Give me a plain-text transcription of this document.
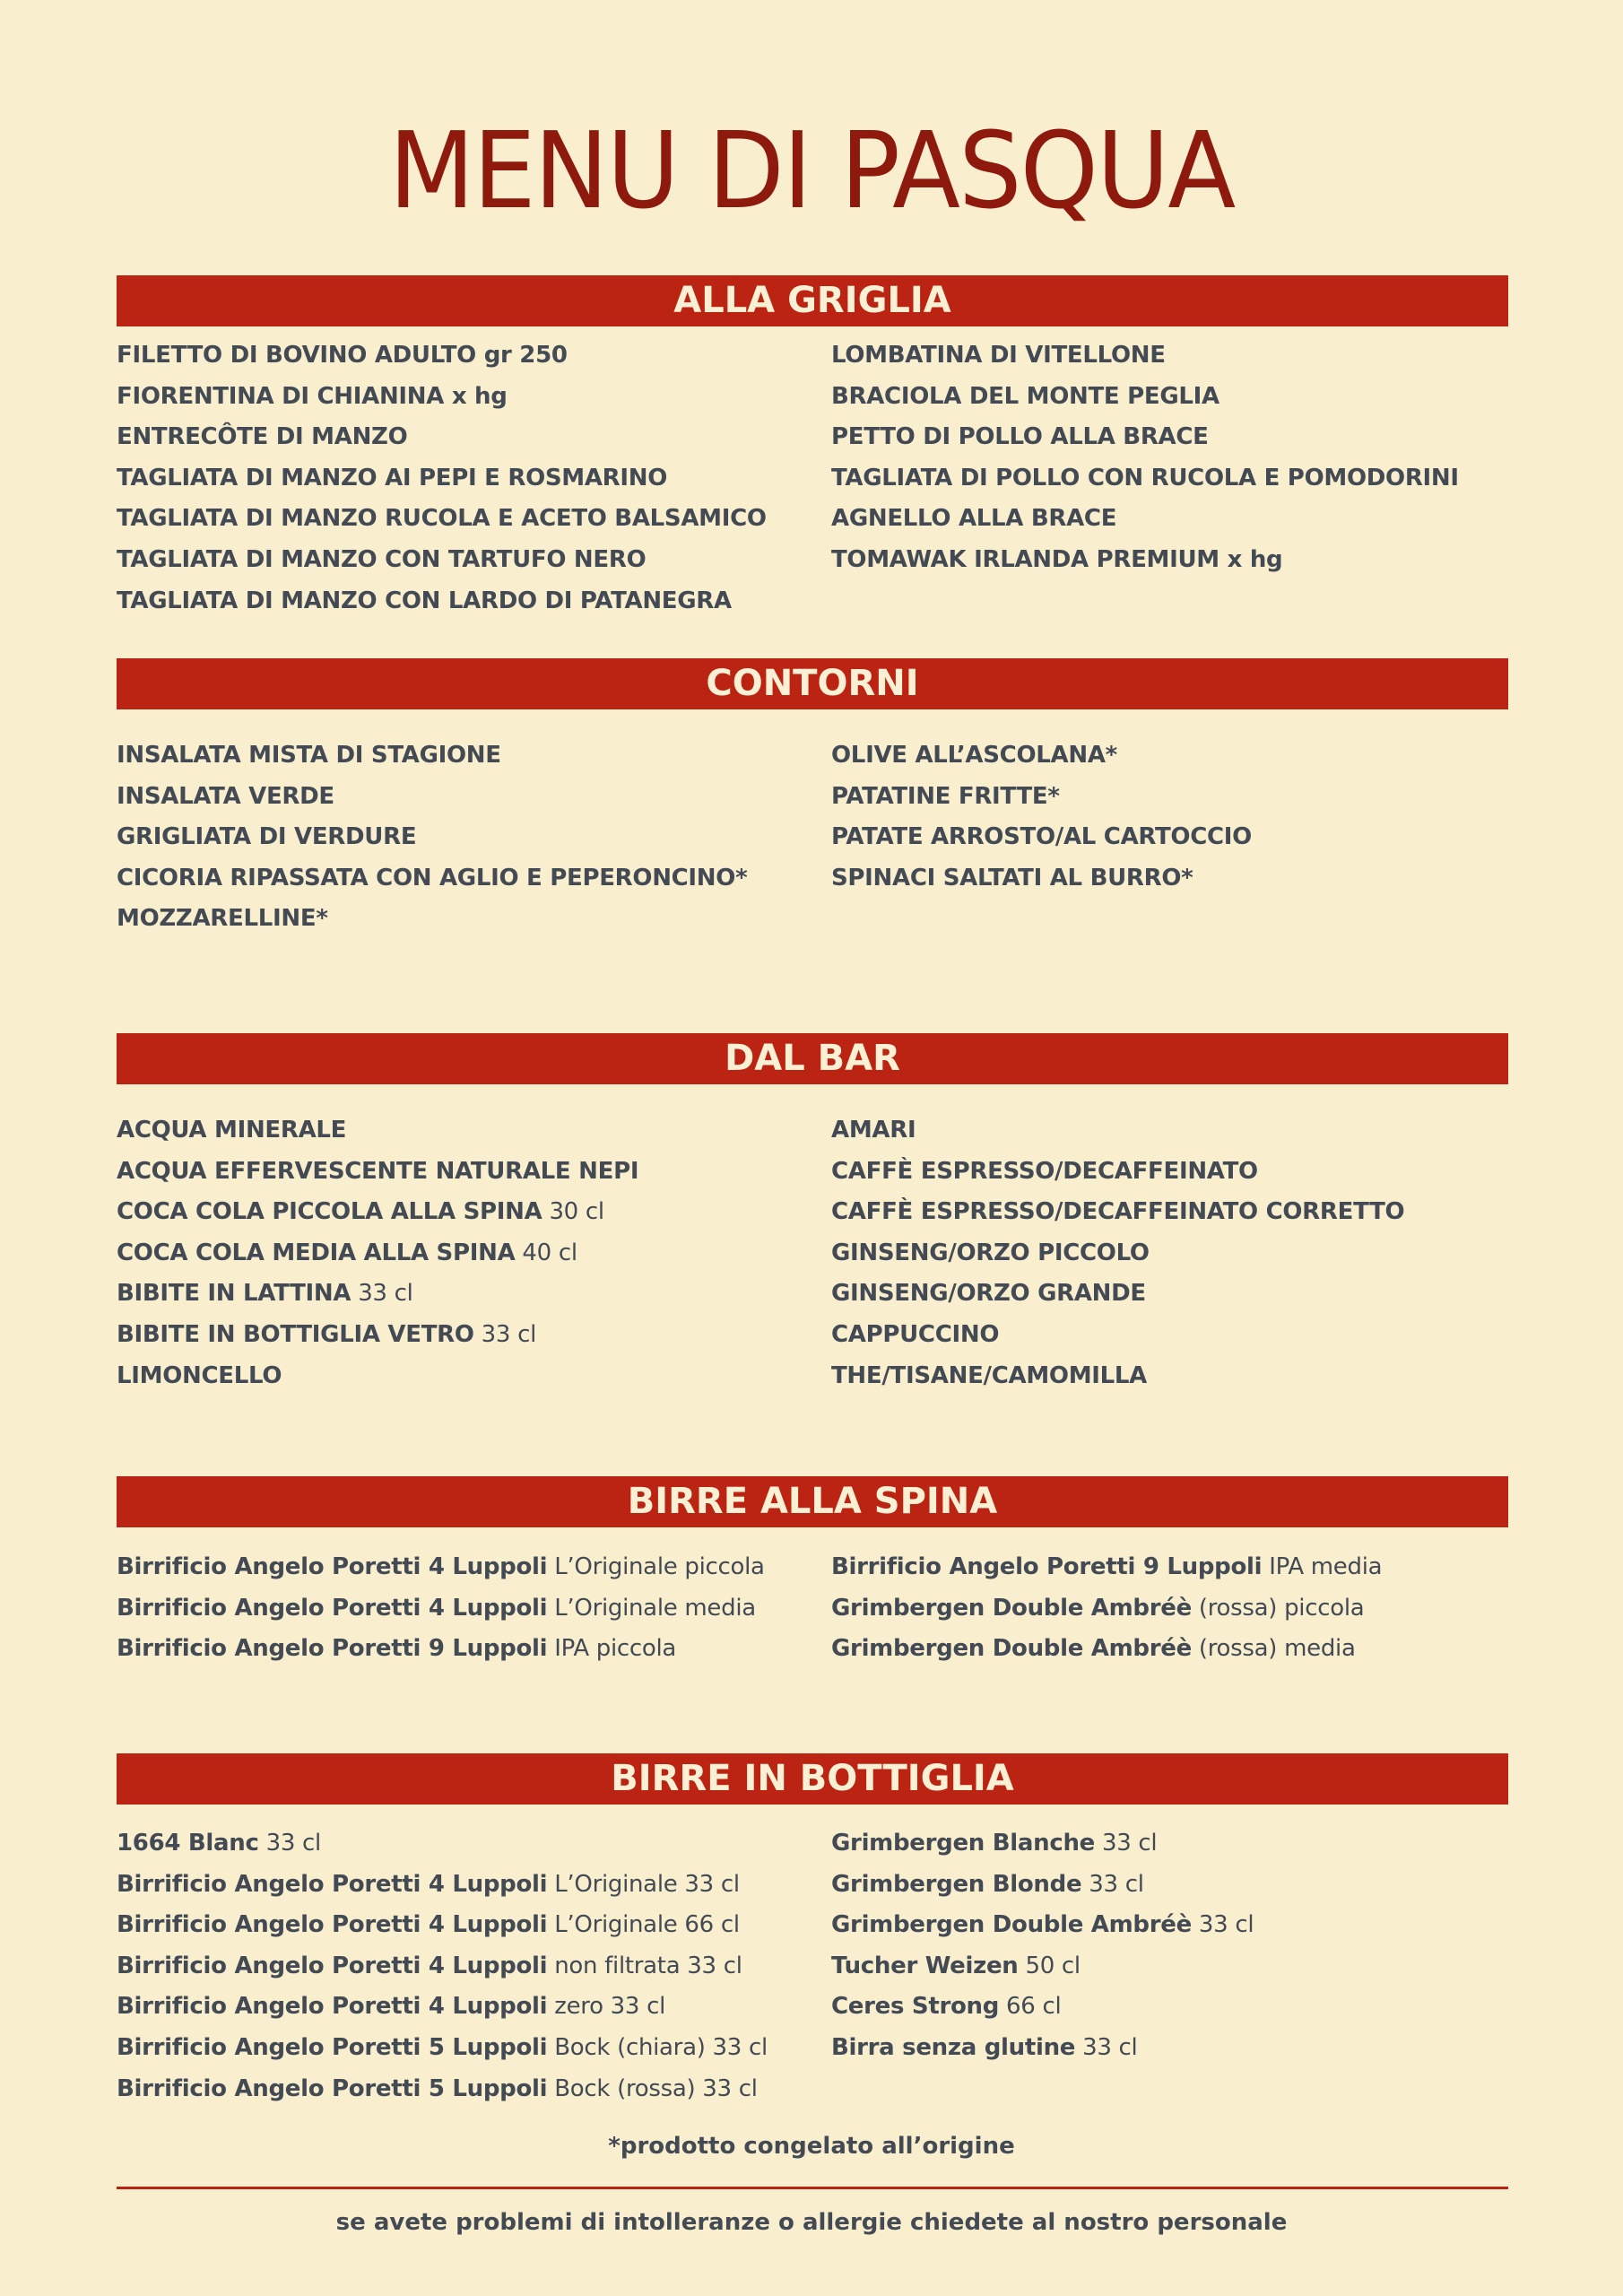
MENU DI PASQUA
ALLA GRIGLIA
FILETTO DI BOVINO ADULTO gr 250
FIORENTINA DI CHIANINA x hg
ENTRECÔTE DI MANZO
TAGLIATA DI MANZO AI PEPI E ROSMARINO
TAGLIATA DI MANZO RUCOLA E ACETO BALSAMICO
TAGLIATA DI MANZO CON TARTUFO NERO
TAGLIATA DI MANZO CON LARDO DI PATANEGRA
LOMBATINA DI VITELLONE
BRACIOLA DEL MONTE PEGLIA
PETTO DI POLLO ALLA BRACE
TAGLIATA DI POLLO CON RUCOLA E POMODORINI
AGNELLO ALLA BRACE
TOMAWAK IRLANDA PREMIUM x hg
CONTORNI
INSALATA MISTA DI STAGIONE
INSALATA VERDE
GRIGLIATA DI VERDURE
CICORIA RIPASSATA CON AGLIO E PEPERONCINO*
MOZZARELLINE*
OLIVE ALL’ASCOLANA*
PATATINE FRITTE*
PATATE ARROSTO/AL CARTOCCIO
SPINACI SALTATI AL BURRO*
DAL BAR
ACQUA MINERALE
ACQUA EFFERVESCENTE NATURALE NEPI
COCA COLA PICCOLA ALLA SPINA 30 cl
COCA COLA MEDIA ALLA SPINA 40 cl
BIBITE IN LATTINA 33 cl
BIBITE IN BOTTIGLIA VETRO 33 cl
LIMONCELLO
AMARI
CAFFÈ ESPRESSO/DECAFFEINATO
CAFFÈ ESPRESSO/DECAFFEINATO CORRETTO
GINSENG/ORZO PICCOLO
GINSENG/ORZO GRANDE
CAPPUCCINO
THE/TISANE/CAMOMILLA
BIRRE ALLA SPINA
Birrificio Angelo Poretti 4 Luppoli L’Originale piccola
Birrificio Angelo Poretti 4 Luppoli L’Originale media
Birrificio Angelo Poretti 9 Luppoli IPA piccola
Birrificio Angelo Poretti 9 Luppoli IPA media
Grimbergen Double Ambréè (rossa) piccola
Grimbergen Double Ambréè (rossa) media
BIRRE IN BOTTIGLIA
1664 Blanc 33 cl
Birrificio Angelo Poretti 4 Luppoli L’Originale 33 cl
Birrificio Angelo Poretti 4 Luppoli L’Originale 66 cl
Birrificio Angelo Poretti 4 Luppoli non filtrata 33 cl
Birrificio Angelo Poretti 4 Luppoli zero 33 cl
Birrificio Angelo Poretti 5 Luppoli Bock (chiara) 33 cl
Birrificio Angelo Poretti 5 Luppoli Bock (rossa) 33 cl
Grimbergen Blanche 33 cl
Grimbergen Blonde 33 cl
Grimbergen Double Ambréè 33 cl
Tucher Weizen 50 cl
Ceres Strong 66 cl
Birra senza glutine 33 cl
*prodotto congelato all’origine
se avete problemi di intolleranze o allergie chiedete al nostro personale
